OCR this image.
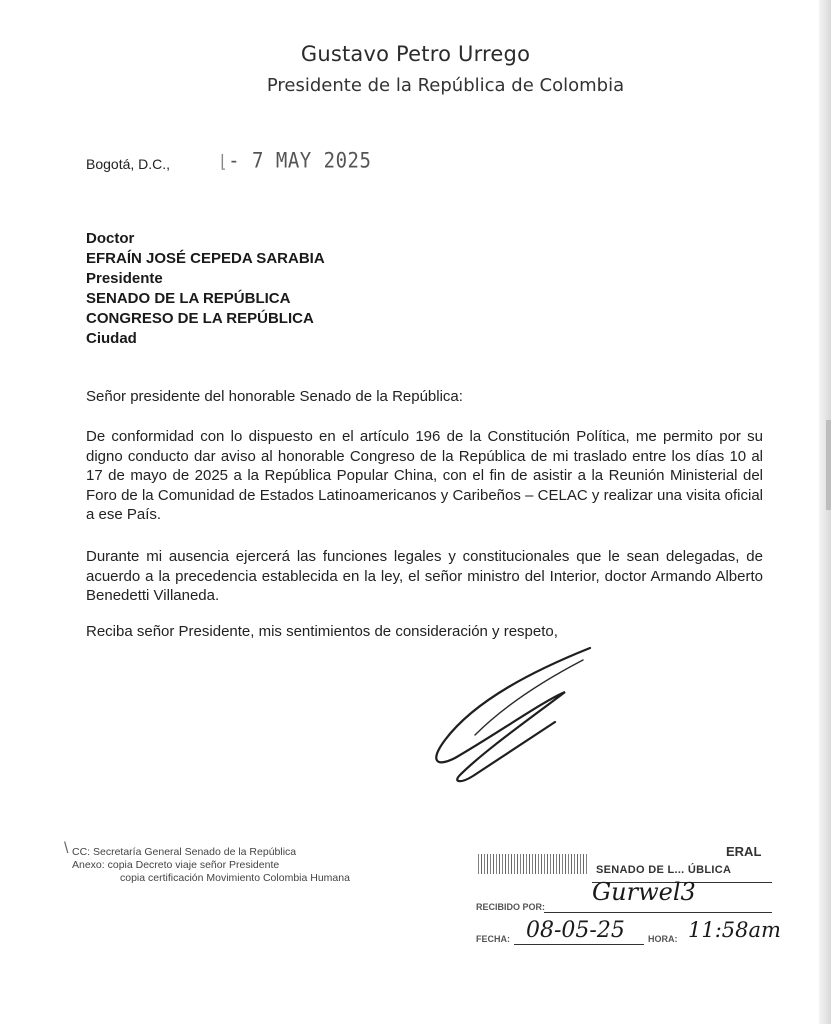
Gustavo Petro Urrego
Presidente de la República de Colombia
Bogotá, D.C.,	⌊- 7 MAY 2025
Doctor
EFRAÍN JOSÉ CEPEDA SARABIA
Presidente
SENADO DE LA REPÚBLICA
CONGRESO DE LA REPÚBLICA
Ciudad
Señor presidente del honorable Senado de la República:
De conformidad con lo dispuesto en el artículo 196 de la Constitución Política, me permito por su digno conducto dar aviso al honorable Congreso de la República de mi traslado entre los días 10 al 17 de mayo de 2025 a la República Popular China, con el fin de asistir a la Reunión Ministerial del Foro de la Comunidad de Estados Latinoamericanos y Caribeños – CELAC y realizar una visita oficial a ese País.
Durante mi ausencia ejercerá las funciones legales y constitucionales que le sean delegadas, de acuerdo a la precedencia establecida en la ley, el señor ministro del Interior, doctor Armando Alberto Benedetti Villaneda.
Reciba señor Presidente, mis sentimientos de consideración y respeto,
\ CC: Secretaría General Senado de la República
Anexo: copia Decreto viaje señor Presidente
copia certificación Movimiento Colombia Humana
ERAL
SENADO DE L... ÚBLICA
RECIBIDO POR:
Gurwel3
FECHA: 08-05-25	HORA: 11:58am
